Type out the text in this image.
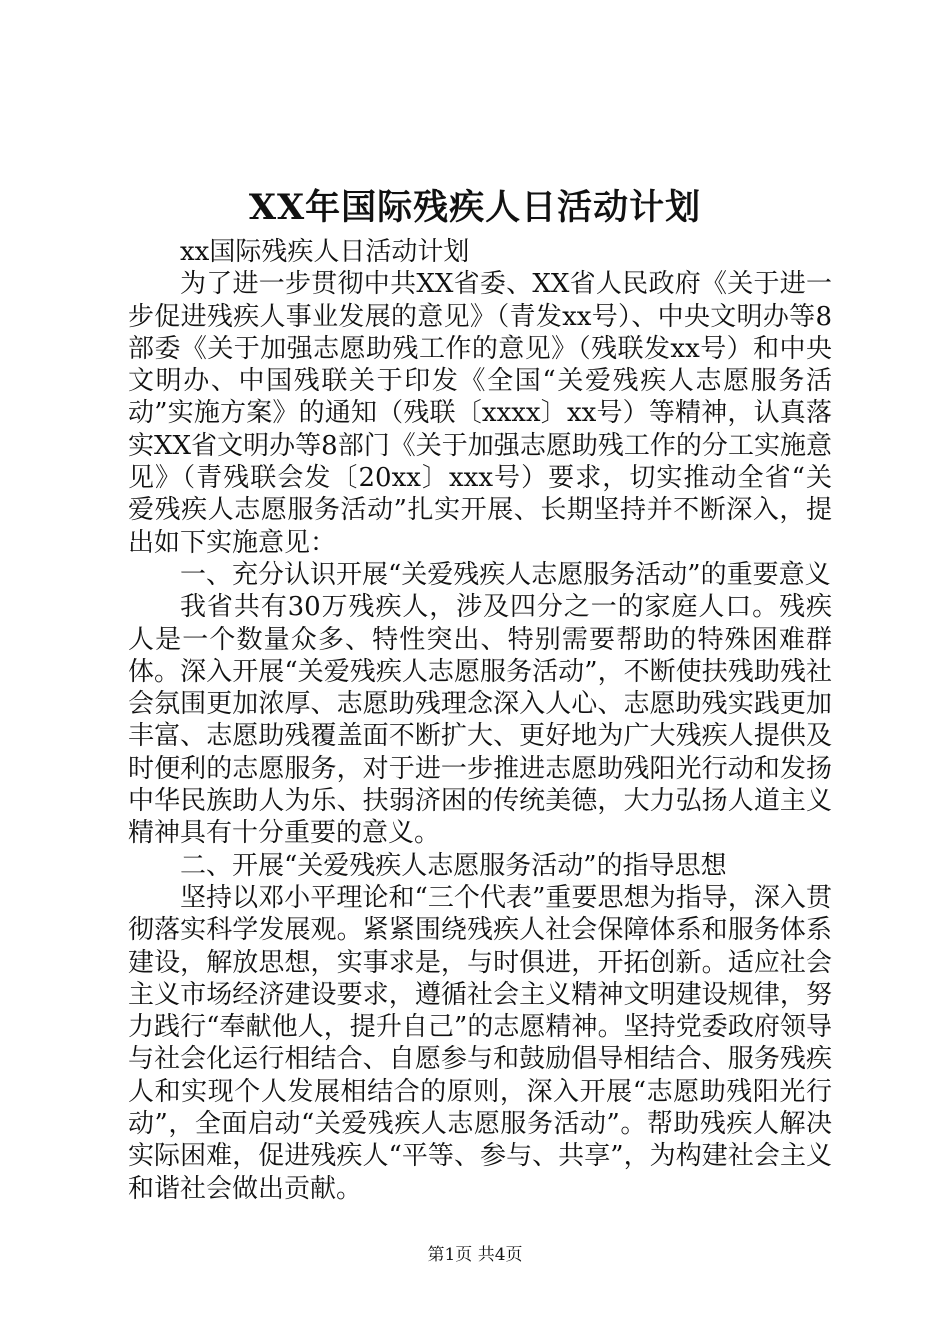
XX年国际残疾人日活动计划

xx国际残疾人日活动计划

为了进一步贯彻中共XX省委、XX省人民政府《关于进一步促进残疾人事业发展的意见》（青发xx号）、中央文明办等8部委《关于加强志愿助残工作的意见》（残联发xx号）和中央文明办、中国残联关于印发《全国“关爱残疾人志愿服务活动”实施方案》的通知（残联〔xxxx〕xx号）等精神，认真落实XX省文明办等8部门《关于加强志愿助残工作的分工实施意见》（青残联会发〔20xx〕xxx号）要求，切实推动全省“关爱残疾人志愿服务活动”扎实开展、长期坚持并不断深入，提出如下实施意见：

一、充分认识开展“关爱残疾人志愿服务活动”的重要意义

我省共有30万残疾人，涉及四分之一的家庭人口。残疾人是一个数量众多、特性突出、特别需要帮助的特殊困难群体。深入开展“关爱残疾人志愿服务活动”，不断使扶残助残社会氛围更加浓厚、志愿助残理念深入人心、志愿助残实践更加丰富、志愿助残覆盖面不断扩大、更好地为广大残疾人提供及时便利的志愿服务，对于进一步推进志愿助残阳光行动和发扬中华民族助人为乐、扶弱济困的传统美德，大力弘扬人道主义精神具有十分重要的意义。

二、开展“关爱残疾人志愿服务活动”的指导思想

坚持以邓小平理论和“三个代表”重要思想为指导，深入贯彻落实科学发展观。紧紧围绕残疾人社会保障体系和服务体系建设，解放思想，实事求是，与时俱进，开拓创新。适应社会主义市场经济建设要求，遵循社会主义精神文明建设规律，努力践行“奉献他人，提升自己”的志愿精神。坚持党委政府领导与社会化运行相结合、自愿参与和鼓励倡导相结合、服务残疾人和实现个人发展相结合的原则，深入开展“志愿助残阳光行动”，全面启动“关爱残疾人志愿服务活动”。帮助残疾人解决实际困难，促进残疾人“平等、参与、共享”，为构建社会主义和谐社会做出贡献。

第1页 共4页
